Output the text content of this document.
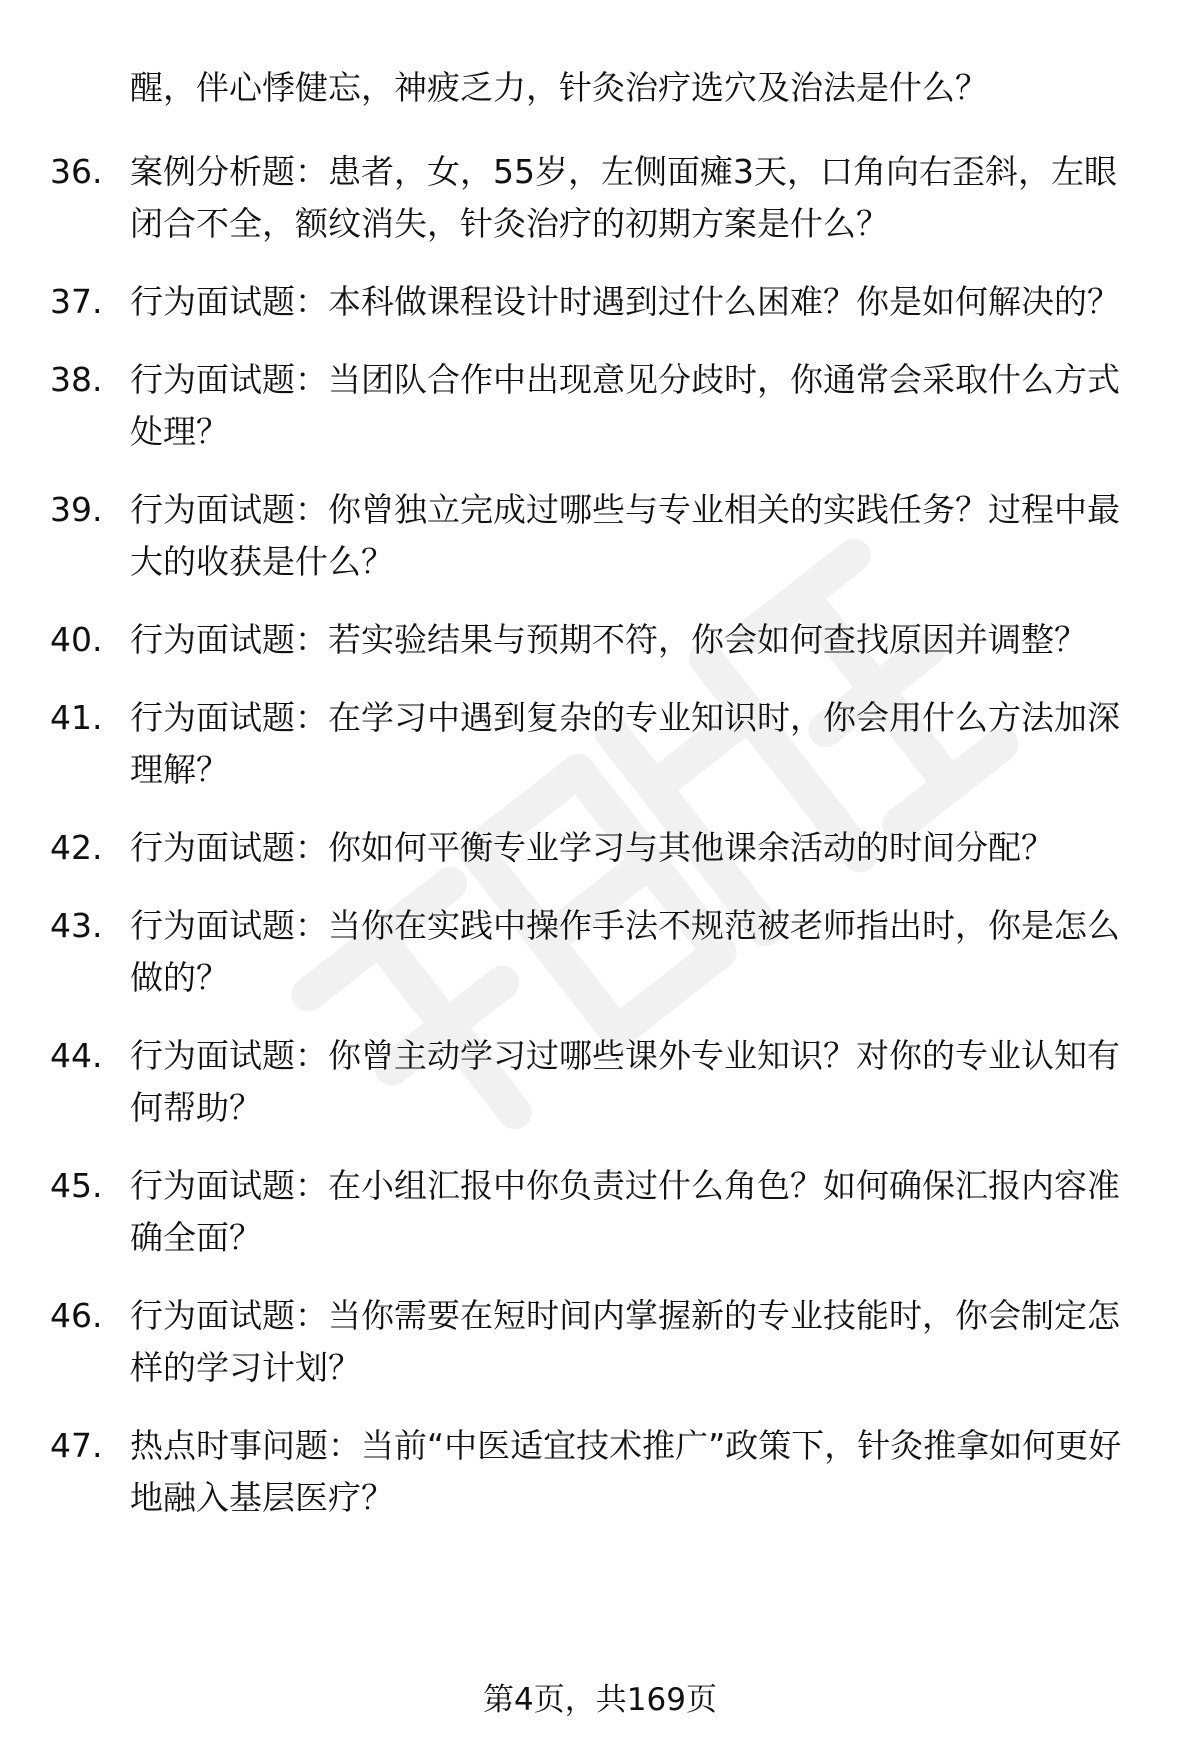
醒，伴心悸健忘，神疲乏力，针灸治疗选穴及治法是什么？
36. 案例分析题：患者，女，55岁，左侧面瘫3天，口角向右歪斜，左眼闭合不全，额纹消失，针灸治疗的初期方案是什么？
37. 行为面试题：本科做课程设计时遇到过什么困难？你是如何解决的？
38. 行为面试题：当团队合作中出现意见分歧时，你通常会采取什么方式处理？
39. 行为面试题：你曾独立完成过哪些与专业相关的实践任务？过程中最大的收获是什么？
40. 行为面试题：若实验结果与预期不符，你会如何查找原因并调整？
41. 行为面试题：在学习中遇到复杂的专业知识时，你会用什么方法加深理解？
42. 行为面试题：你如何平衡专业学习与其他课余活动的时间分配？
43. 行为面试题：当你在实践中操作手法不规范被老师指出时，你是怎么做的？
44. 行为面试题：你曾主动学习过哪些课外专业知识？对你的专业认知有何帮助？
45. 行为面试题：在小组汇报中你负责过什么角色？如何确保汇报内容准确全面？
46. 行为面试题：当你需要在短时间内掌握新的专业技能时，你会制定怎样的学习计划？
47. 热点时事问题：当前“中医适宜技术推广”政策下，针灸推拿如何更好地融入基层医疗？
第4页，共169页
